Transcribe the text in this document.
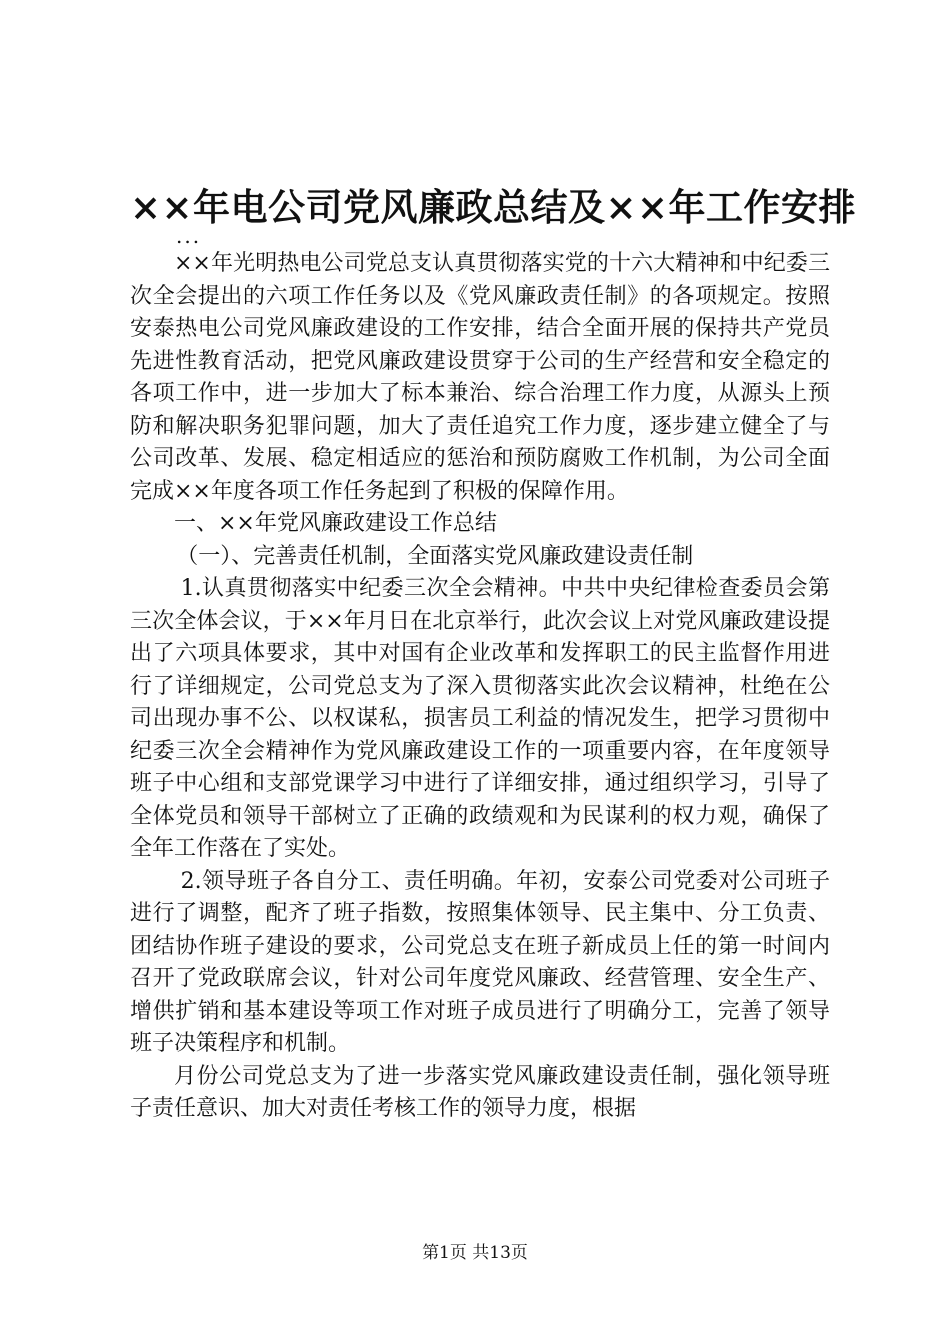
××年电公司党风廉政总结及××年工作安排
...

××年光明热电公司党总支认真贯彻落实党的十六大精神和中纪委三次全会提出的六项工作任务以及《党风廉政责任制》的各项规定。按照安泰热电公司党风廉政建设的工作安排，结合全面开展的保持共产党员先进性教育活动，把党风廉政建设贯穿于公司的生产经营和安全稳定的各项工作中，进一步加大了标本兼治、综合治理工作力度，从源头上预防和解决职务犯罪问题，加大了责任追究工作力度，逐步建立健全了与公司改革、发展、稳定相适应的惩治和预防腐败工作机制，为公司全面完成××年度各项工作任务起到了积极的保障作用。

一、××年党风廉政建设工作总结

（一）、完善责任机制，全面落实党风廉政建设责任制

1.认真贯彻落实中纪委三次全会精神。中共中央纪律检查委员会第三次全体会议，于××年月日在北京举行，此次会议上对党风廉政建设提出了六项具体要求，其中对国有企业改革和发挥职工的民主监督作用进行了详细规定，公司党总支为了深入贯彻落实此次会议精神，杜绝在公司出现办事不公、以权谋私，损害员工利益的情况发生，把学习贯彻中纪委三次全会精神作为党风廉政建设工作的一项重要内容，在年度领导班子中心组和支部党课学习中进行了详细安排，通过组织学习，引导了全体党员和领导干部树立了正确的政绩观和为民谋利的权力观，确保了全年工作落在了实处。

2.领导班子各自分工、责任明确。年初，安泰公司党委对公司班子进行了调整，配齐了班子指数，按照集体领导、民主集中、分工负责、团结协作班子建设的要求，公司党总支在班子新成员上任的第一时间内召开了党政联席会议，针对公司年度党风廉政、经营管理、安全生产、增供扩销和基本建设等项工作对班子成员进行了明确分工，完善了领导班子决策程序和机制。

月份公司党总支为了进一步落实党风廉政建设责任制，强化领导班子责任意识、加大对责任考核工作的领导力度，根据

第1页 共13页
